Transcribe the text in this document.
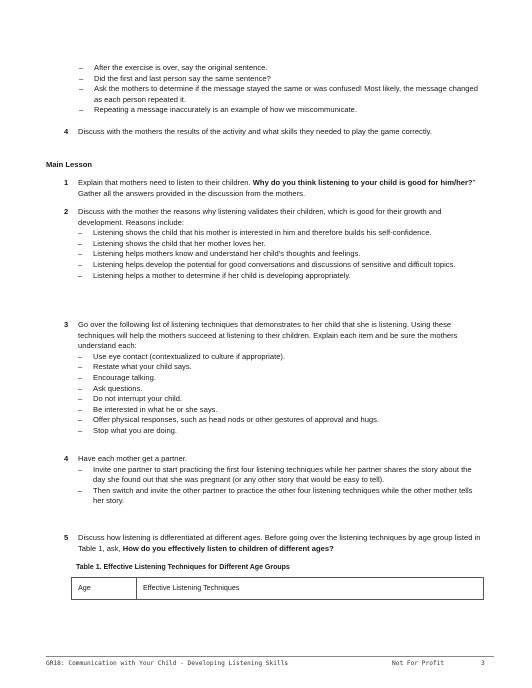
– After the exercise is over, say the original sentence.
– Did the first and last person say the same sentence?
– Ask the mothers to determine if the message stayed the same or was confused! Most likely, the message changed as each person repeated it.
– Repeating a message inaccurately is an example of how we miscommunicate.
4 Discuss with the mothers the results of the activity and what skills they needed to play the game correctly.
Main Lesson
1 Explain that mothers need to listen to their children. Why do you think listening to your child is good for him/her?” Gather all the answers provided in the discussion from the mothers.
2 Discuss with the mother the reasons why listening validates their children, which is good for their growth and development. Reasons include:
– Listening shows the child that his mother is interested in him and therefore builds his self-confidence.
– Listening shows the child that her mother loves her.
– Listening helps mothers know and understand her child’s thoughts and feelings.
– Listening helps develop the potential for good conversations and discussions of sensitive and difficult topics.
– Listening helps a mother to determine if her child is developing appropriately.
3 Go over the following list of listening techniques that demonstrates to her child that she is listening. Using these techniques will help the mothers succeed at listening to their children. Explain each item and be sure the mothers understand each:
– Use eye contact (contextualized to culture if appropriate).
– Restate what your child says.
– Encourage talking.
– Ask questions.
– Do not interrupt your child.
– Be interested in what he or she says.
– Offer physical responses, such as head nods or other gestures of approval and hugs.
– Stop what you are doing.
4 Have each mother get a partner.
– Invite one partner to start practicing the first four listening techniques while her partner shares the story about the day she found out that she was pregnant (or any other story that would be easy to tell).
– Then switch and invite the other partner to practice the other four listening techniques while the other mother tells her story.
5 Discuss how listening is differentiated at different ages. Before going over the listening techniques by age group listed in Table 1, ask, How do you effectively listen to children of different ages?
Table 1. Effective Listening Techniques for Different Age Groups
Age	Effective Listening Techniques
GR18: Communication with Your Child - Developing Listening Skills	Not For Profit	3
